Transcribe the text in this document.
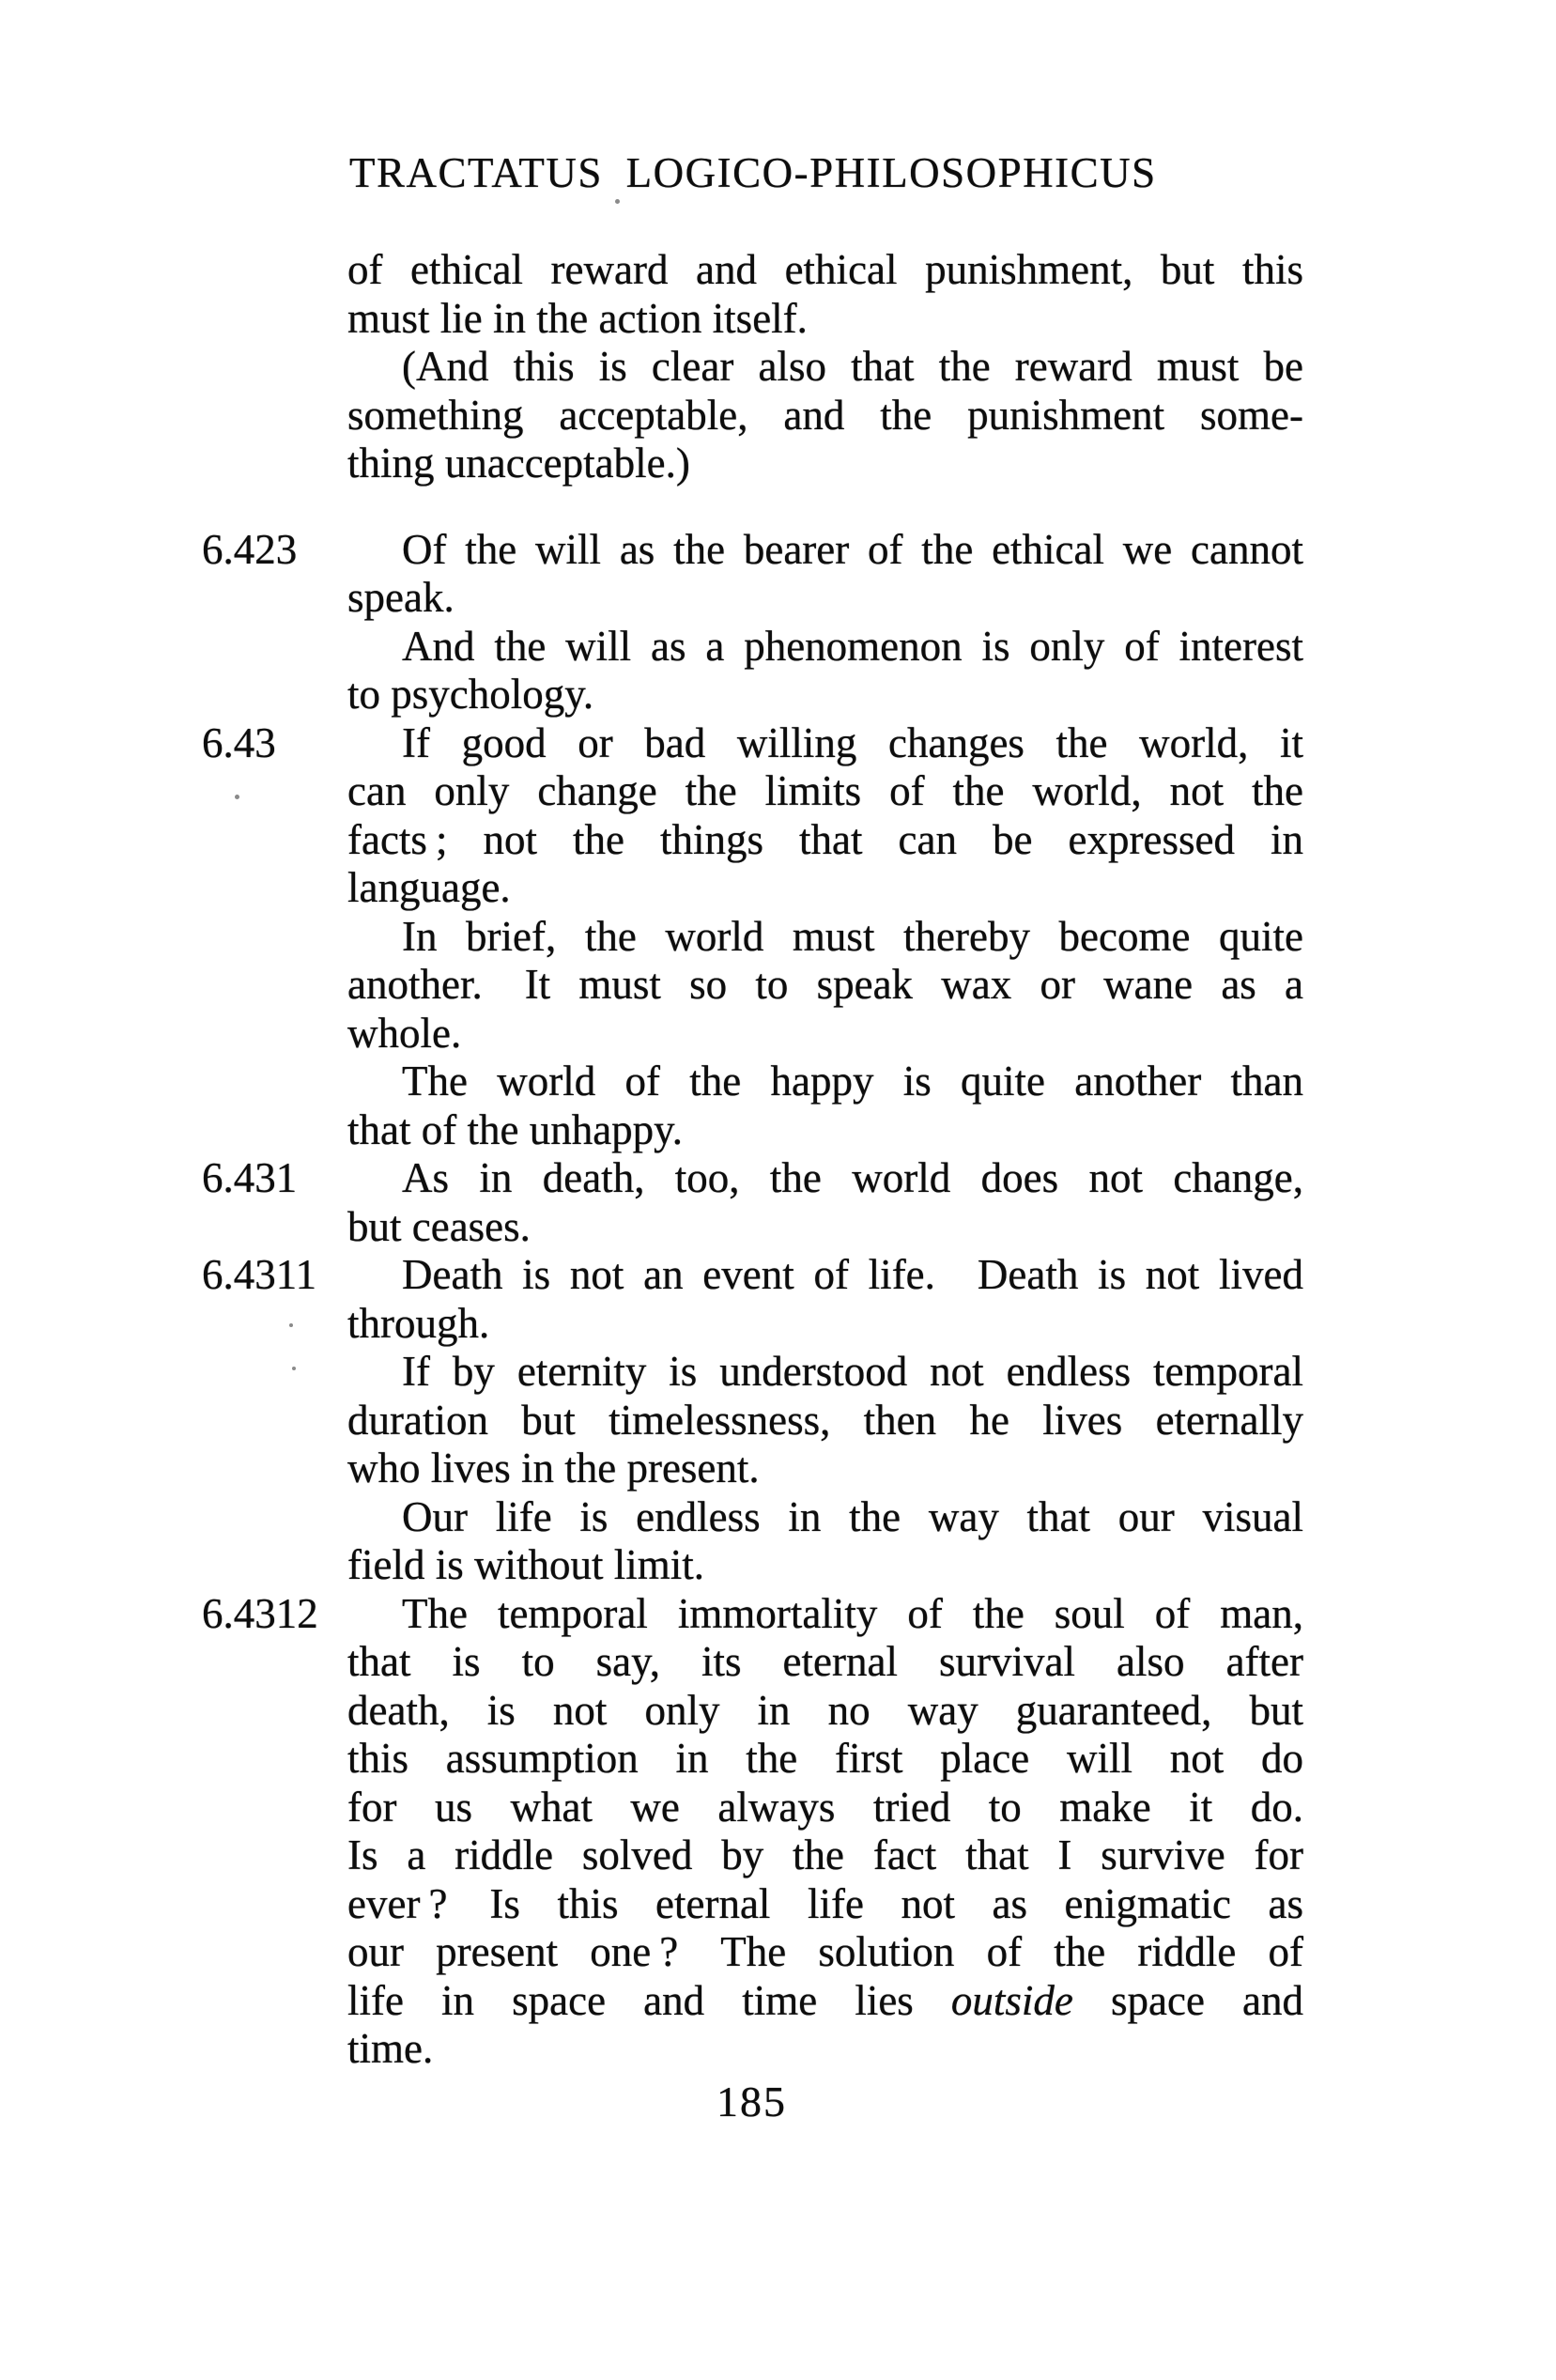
TRACTATUS LOGICO-PHILOSOPHICUS
of ethical reward and ethical punishment, but this
must lie in the action itself.
(And this is clear also that the reward must be
something acceptable, and the punishment some-
thing unacceptable.)
6.423	Of the will as the bearer of the ethical we cannot
speak.
And the will as a phenomenon is only of interest
to psychology.
6.43	If good or bad willing changes the world, it
can only change the limits of the world, not the
facts ; not the things that can be expressed in
language.
In brief, the world must thereby become quite
another. It must so to speak wax or wane as a
whole.
The world of the happy is quite another than
that of the unhappy.
6.431	As in death, too, the world does not change,
but ceases.
6.4311	Death is not an event of life. Death is not lived
through.
If by eternity is understood not endless temporal
duration but timelessness, then he lives eternally
who lives in the present.
Our life is endless in the way that our visual
field is without limit.
6.4312	The temporal immortality of the soul of man,
that is to say, its eternal survival also after
death, is not only in no way guaranteed, but
this assumption in the first place will not do
for us what we always tried to make it do.
Is a riddle solved by the fact that I survive for
ever ? Is this eternal life not as enigmatic as
our present one ? The solution of the riddle of
life in space and time lies outside space and
time.
185
